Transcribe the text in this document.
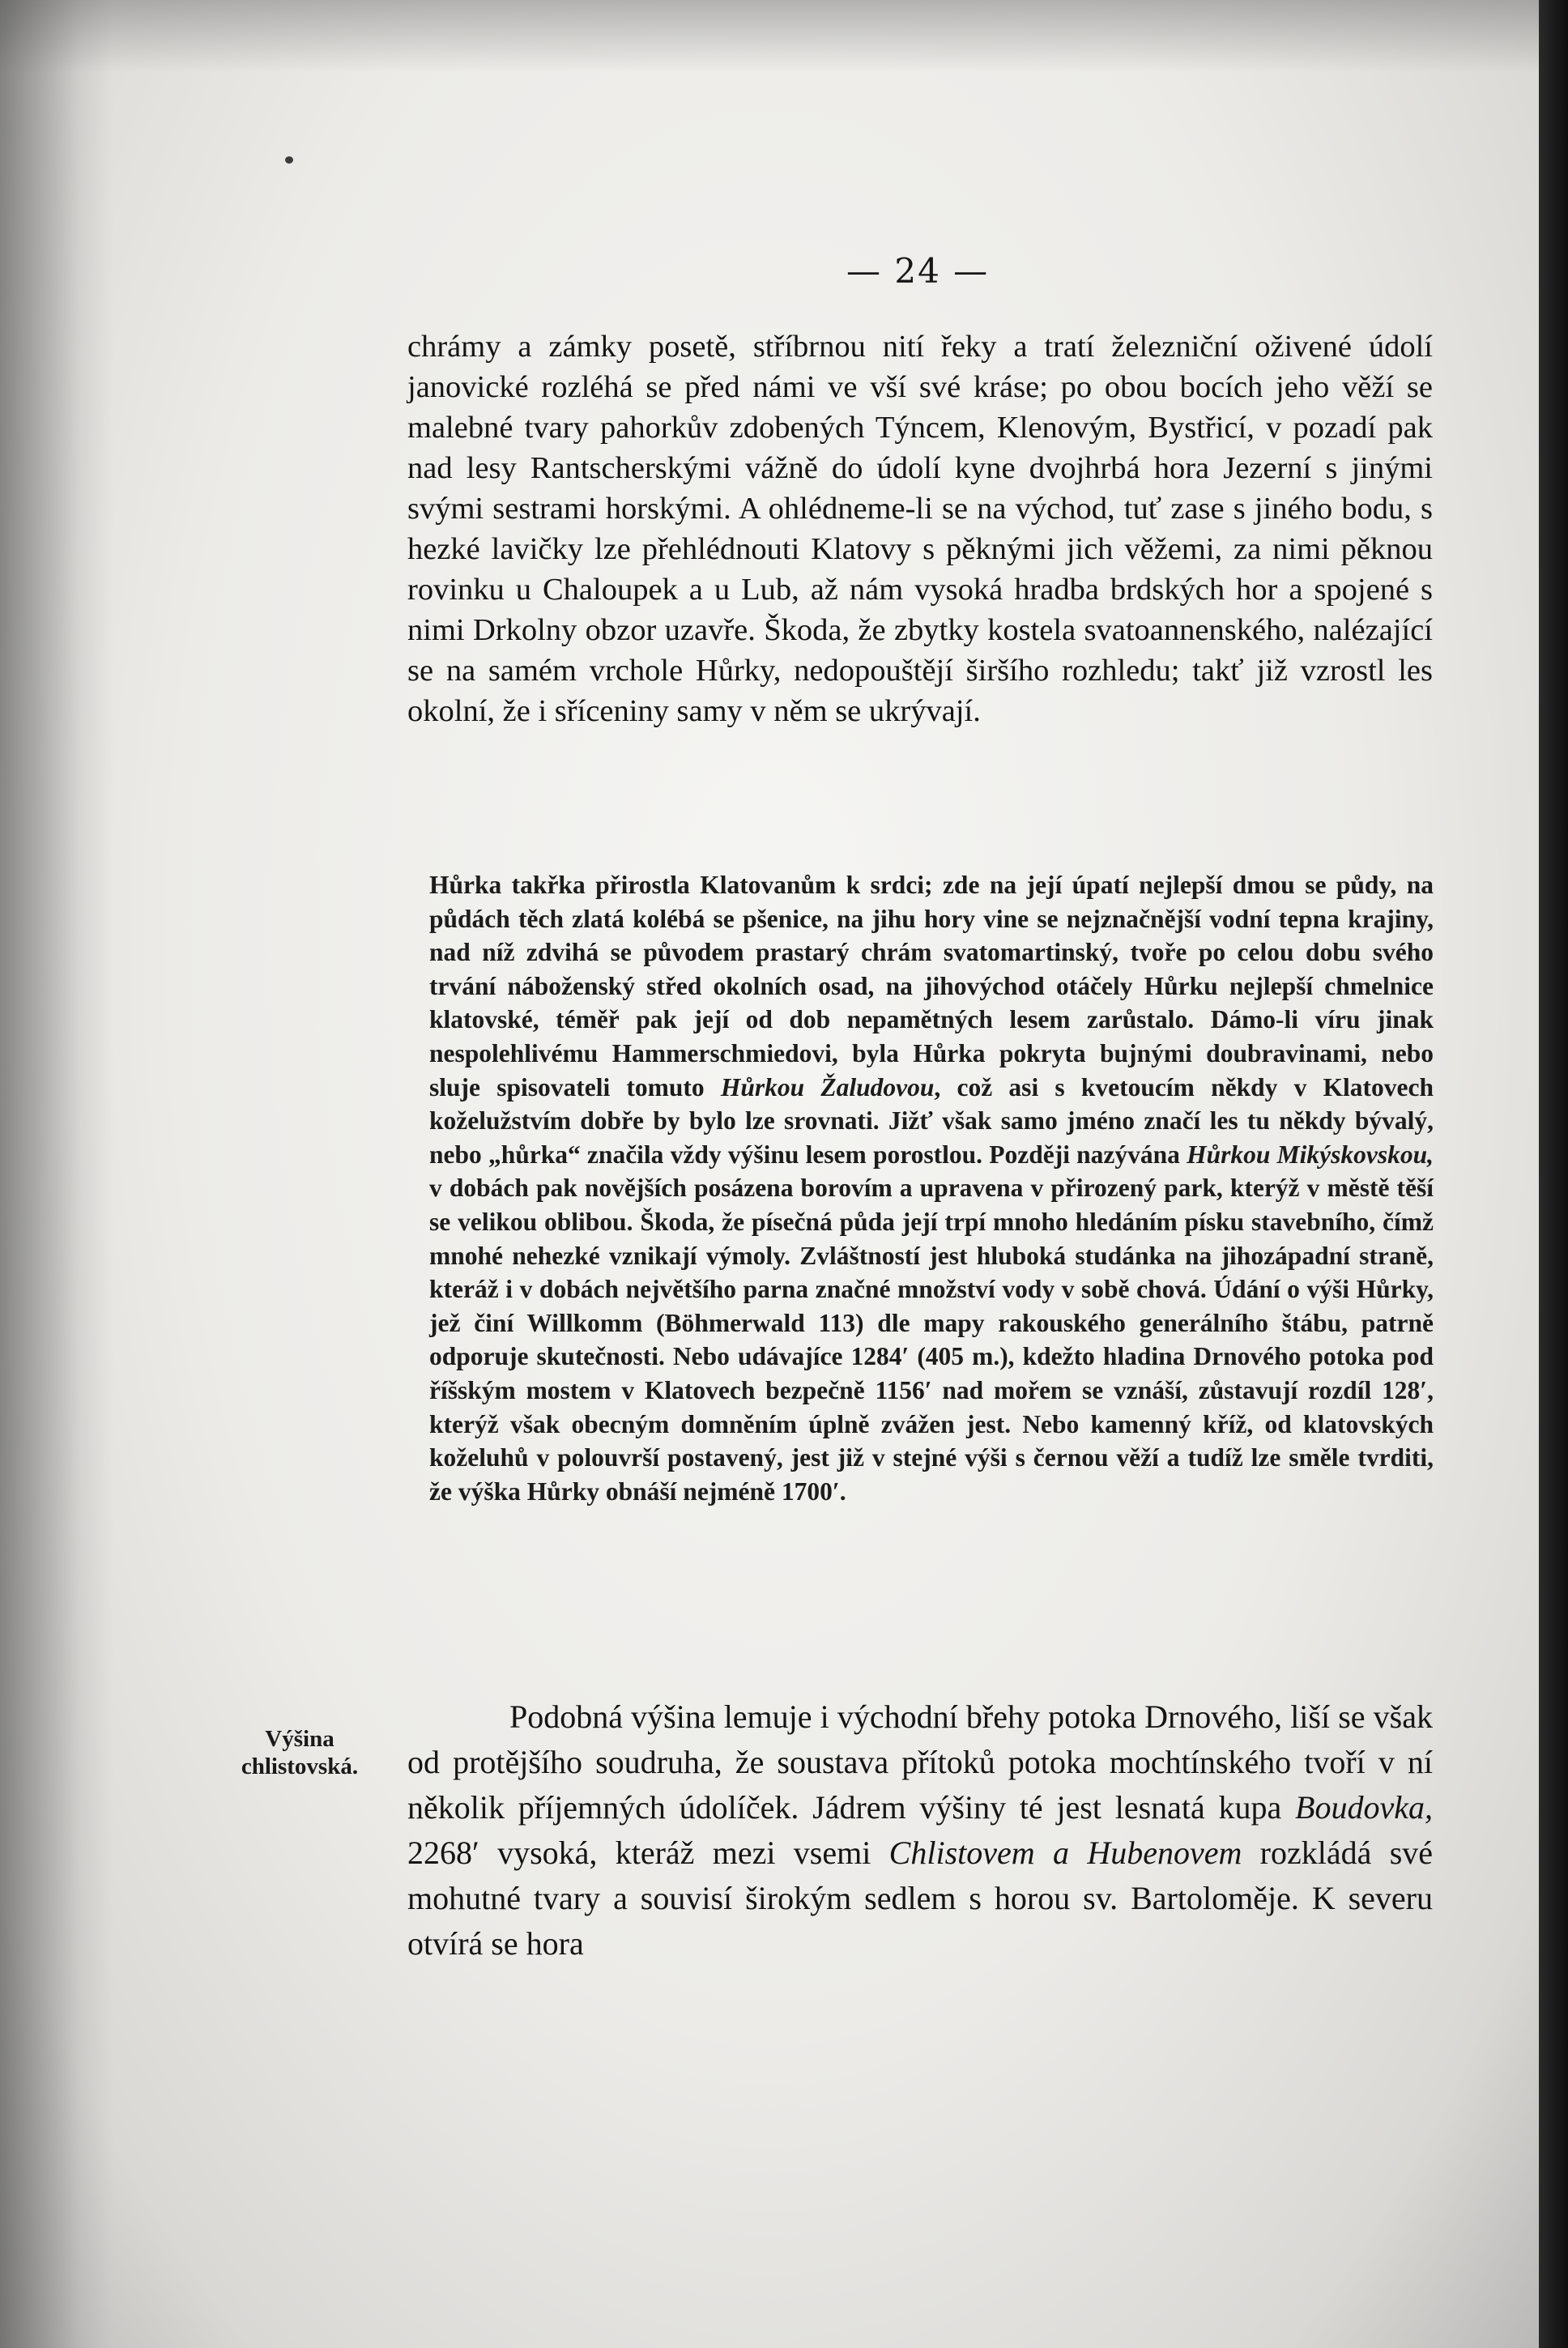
— 24 —

chrámy a zámky posetě, stříbrnou nití řeky a tratí železniční oživené údolí janovické rozléhá se před námi ve vší své kráse; po obou bocích jeho věží se malebné tvary pahorkův zdobených Týncem, Klenovým, Bystřicí, v pozadí pak nad lesy Rantscherskými vážně do údolí kyne dvojhrbá hora Jezerní s jinými svými sestrami horskými. A ohlédneme-li se na východ, tuť zase s jiného bodu, s hezké lavičky lze přehlédnouti Klatovy s pěknými jich věžemi, za nimi pěknou rovinku u Chaloupek a u Lub, až nám vysoká hradba brdských hor a spojené s nimi Drkolny obzor uzavře. Škoda, že zbytky kostela svatoannenského, nalézající se na samém vrchole Hůrky, nedopouštějí širšího rozhledu; takť již vzrostl les okolní, že i sříceniny samy v něm se ukrývají.

Hůrka takřka přirostla Klatovanům k srdci; zde na její úpatí nejlepší dmou se půdy, na půdách těch zlatá kolébá se pšenice, na jihu hory vine se nejznačnější vodní tepna krajiny, nad níž zdvihá se původem prastarý chrám svatomartinský, tvoře po celou dobu svého trvání náboženský střed okolních osad, na jihovýchod otáčely Hůrku nejlepší chmelnice klatovské, téměř pak její od dob nepamětných lesem zarůstalo. Dámo-li víru jinak nespolehlivému Hammerschmiedovi, byla Hůrka pokryta bujnými doubravinami, nebo sluje spisovateli tomuto Hůrkou Žaludovou, což asi s kvetoucím někdy v Klatovech koželužstvím dobře by bylo lze srovnati. Jižť však samo jméno značí les tu někdy bývalý, nebo „hůrka“ značila vždy výšinu lesem porostlou. Později nazývána Hůrkou Mikýskovskou, v dobách pak novějších posázena borovím a upravena v přirozený park, kterýž v městě těší se velikou oblibou. Škoda, že písečná půda její trpí mnoho hledáním písku stavebního, čímž mnohé nehezké vznikají výmoly. Zvláštností jest hluboká studánka na jihozápadní straně, kteráž i v dobách největšího parna značné množství vody v sobě chová. Údání o výši Hůrky, jež činí Willkomm (Böhmerwald 113) dle mapy rakouského generálního štábu, patrně odporuje skutečnosti. Nebo udávajíce 1284′ (405 m.), kdežto hladina Drnového potoka pod říšským mostem v Klatovech bezpečně 1156′ nad mořem se vznáší, zůstavují rozdíl 128′, kterýž však obecným domněním úplně zvážen jest. Nebo kamenný kříž, od klatovských koželuhů v polouvrší postavený, jest již v stejné výši s černou věží a tudíž lze směle tvrditi, že výška Hůrky obnáší nejméně 1700′.

Výšina
chlistovská.

Podobná výšina lemuje i východní břehy potoka Drnového, liší se však od protějšího soudruha, že soustava přítoků potoka mochtínského tvoří v ní několik příjemných údolíček. Jádrem výšiny té jest lesnatá kupa Boudovka, 2268′ vysoká, kteráž mezi vsemi Chlistovem a Hubenovem rozkládá své mohutné tvary a souvisí širokým sedlem s horou sv. Bartoloměje. K severu otvírá se hora
